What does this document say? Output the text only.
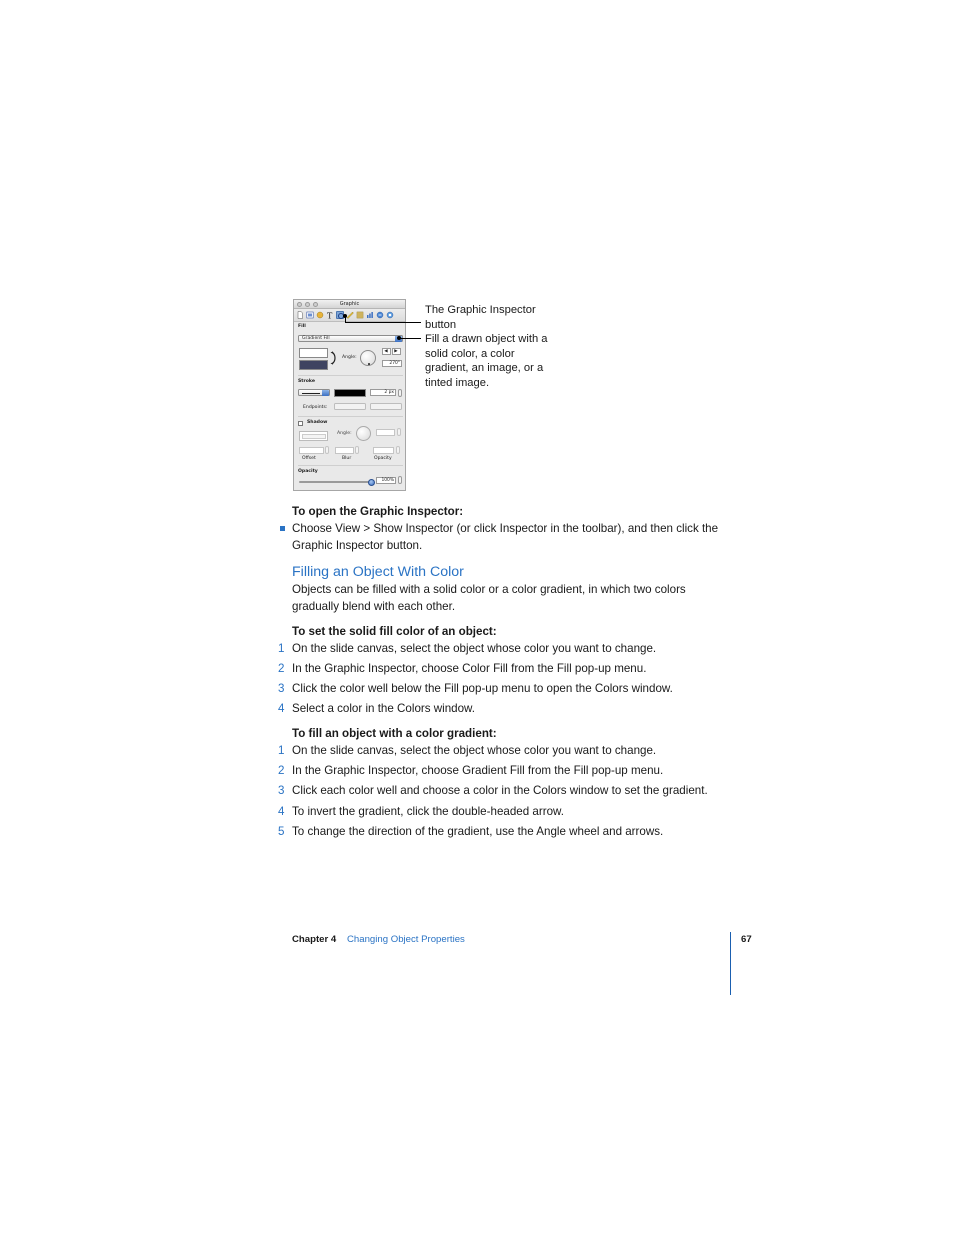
Graphic
T
Fill
Gradient Fill
Angle:
◀	▶
270°
Stroke
2 px
Endpoints:
Shadow
Angle:
Offset	Blur	Opacity
Opacity
100%
The Graphic Inspector button
Fill a drawn object with a solid color, a color gradient, an image, or a tinted image.
To open the Graphic Inspector:
Choose View > Show Inspector (or click Inspector in the toolbar), and then click the
Graphic Inspector button.
Filling an Object With Color
Objects can be filled with a solid color or a color gradient, in which two colors
gradually blend with each other.
To set the solid fill color of an object:
1 On the slide canvas, select the object whose color you want to change.
2 In the Graphic Inspector, choose Color Fill from the Fill pop-up menu.
3 Click the color well below the Fill pop-up menu to open the Colors window.
4 Select a color in the Colors window.
To fill an object with a color gradient:
1 On the slide canvas, select the object whose color you want to change.
2 In the Graphic Inspector, choose Gradient Fill from the Fill pop-up menu.
3 Click each color well and choose a color in the Colors window to set the gradient.
4 To invert the gradient, click the double-headed arrow.
5 To change the direction of the gradient, use the Angle wheel and arrows.
Chapter 4 Changing Object Properties	67
